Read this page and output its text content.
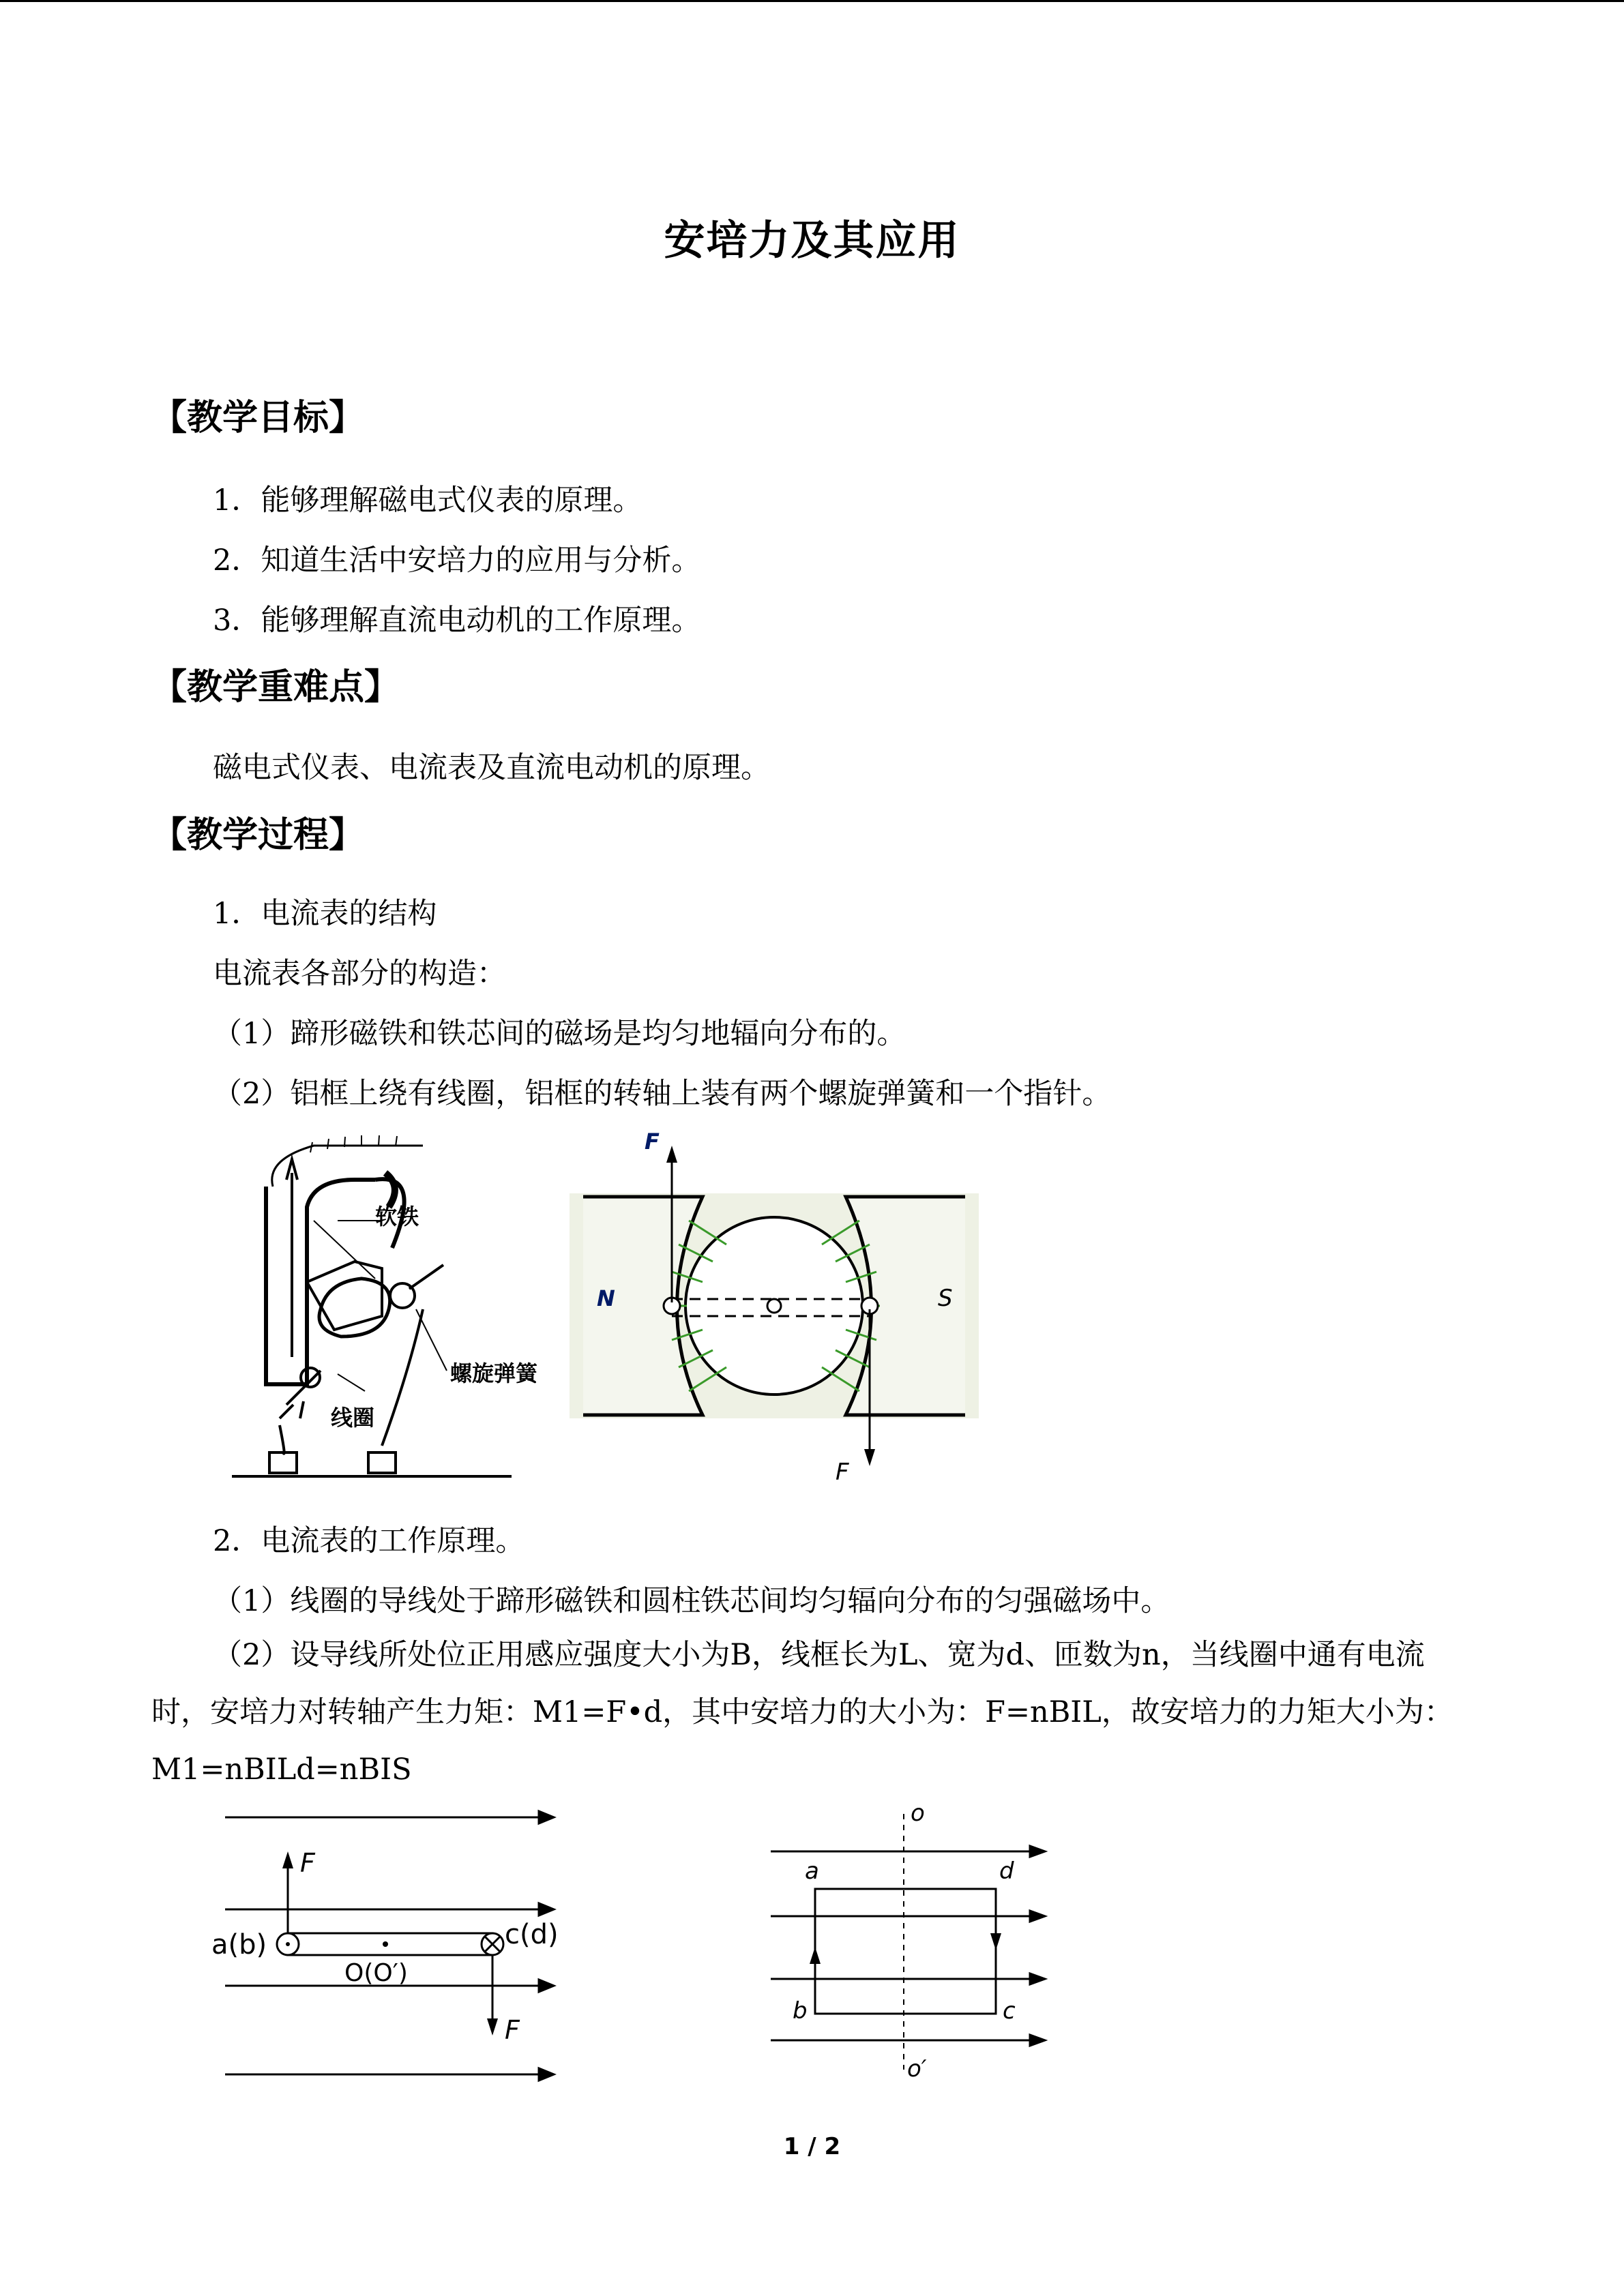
安培力及其应用
【教学目标】
1．能够理解磁电式仪表的原理。
2．知道生活中安培力的应用与分析。
3．能够理解直流电动机的工作原理。
【教学重难点】
磁电式仪表、电流表及直流电动机的原理。
【教学过程】
1．电流表的结构
电流表各部分的构造：
（1）蹄形磁铁和铁芯间的磁场是均匀地辐向分布的。
（2）铝框上绕有线圈，铝框的转轴上装有两个螺旋弹簧和一个指针。
软铁
螺旋弹簧
线圈
F
F
N	S
2．电流表的工作原理。
（1）线圈的导线处于蹄形磁铁和圆柱铁芯间均匀辐向分布的匀强磁场中。
（2）设导线所处位正用感应强度大小为B，线框长为L、宽为d、匝数为n，当线圈中通有电流时，安培力对转轴产生力矩：M1=F•d，其中安培力的大小为：F=nBIL，故安培力的力矩大小为：M1=nBILd=nBIS
F
F
a(b)	c(d)
O(O′)
o
o′
a	d
b	c
1 / 2
